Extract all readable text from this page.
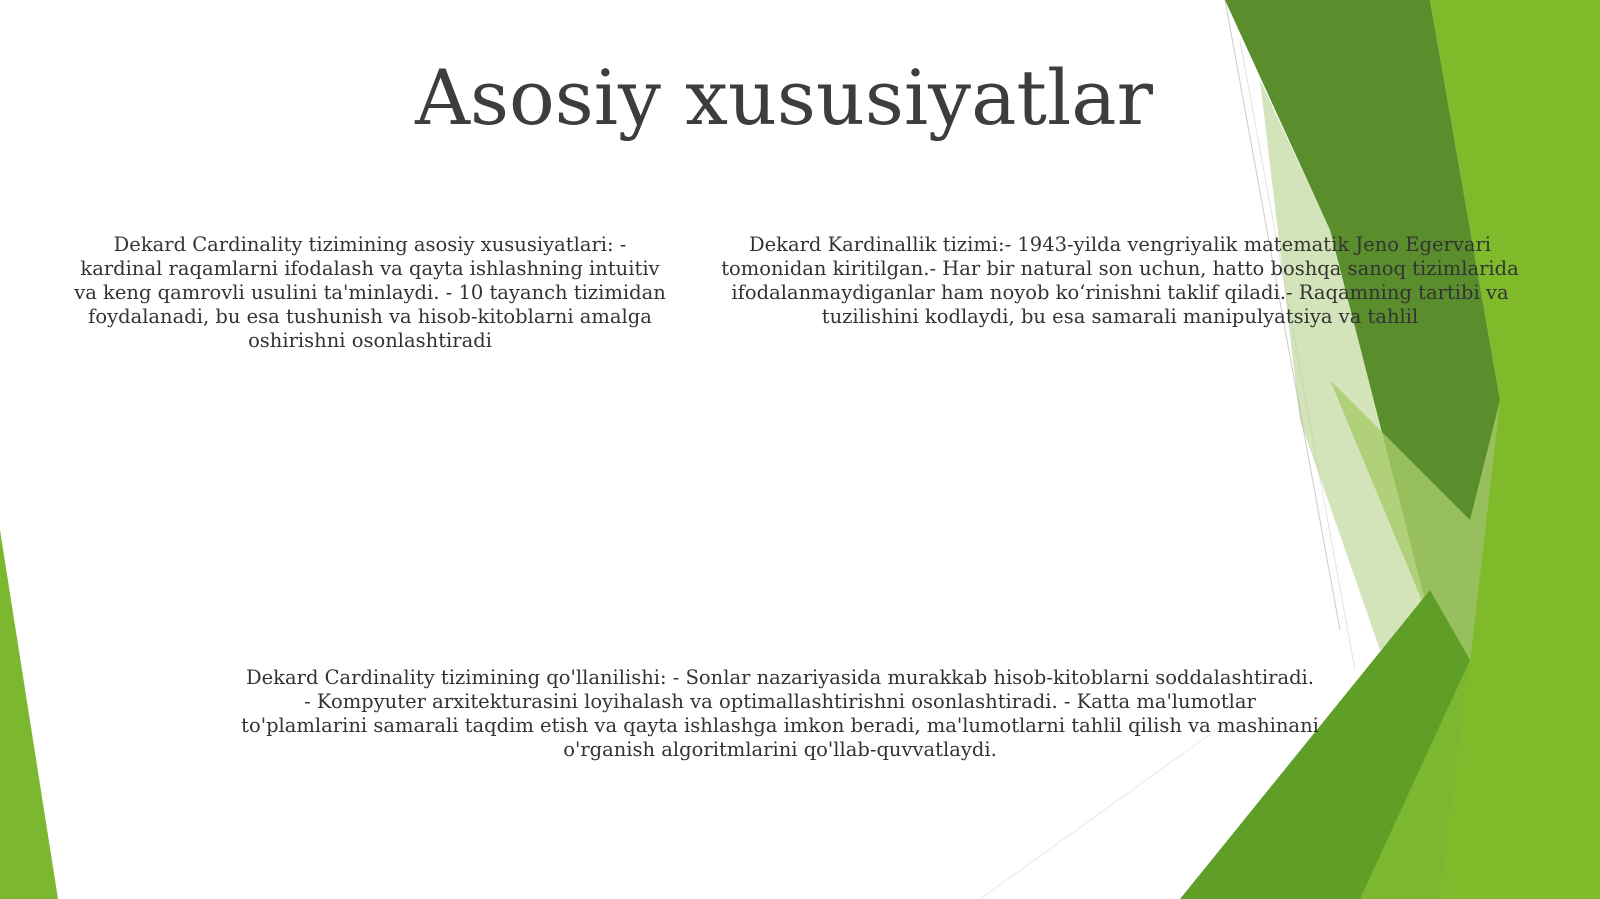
Asosiy xususiyatlar
Dekard Cardinality tizimining asosiy xususiyatlari: - kardinal raqamlarni ifodalash va qayta ishlashning intuitiv va keng qamrovli usulini ta'minlaydi. - 10 tayanch tizimidan foydalanadi, bu esa tushunish va hisob-kitoblarni amalga oshirishni osonlashtiradi
Dekard Kardinallik tizimi:- 1943-yilda vengriyalik matematik Jeno Egervari tomonidan kiritilgan.- Har bir natural son uchun, hatto boshqa sanoq tizimlarida ifodalanmaydiganlar ham noyob koʻrinishni taklif qiladi.- Raqamning tartibi va tuzilishini kodlaydi, bu esa samarali manipulyatsiya va tahlil
Dekard Cardinality tizimining qo'llanilishi: - Sonlar nazariyasida murakkab hisob-kitoblarni soddalashtiradi. - Kompyuter arxitekturasini loyihalash va optimallashtirishni osonlashtiradi. - Katta ma'lumotlar to'plamlarini samarali taqdim etish va qayta ishlashga imkon beradi, ma'lumotlarni tahlil qilish va mashinani o'rganish algoritmlarini qo'llab-quvvatlaydi.
